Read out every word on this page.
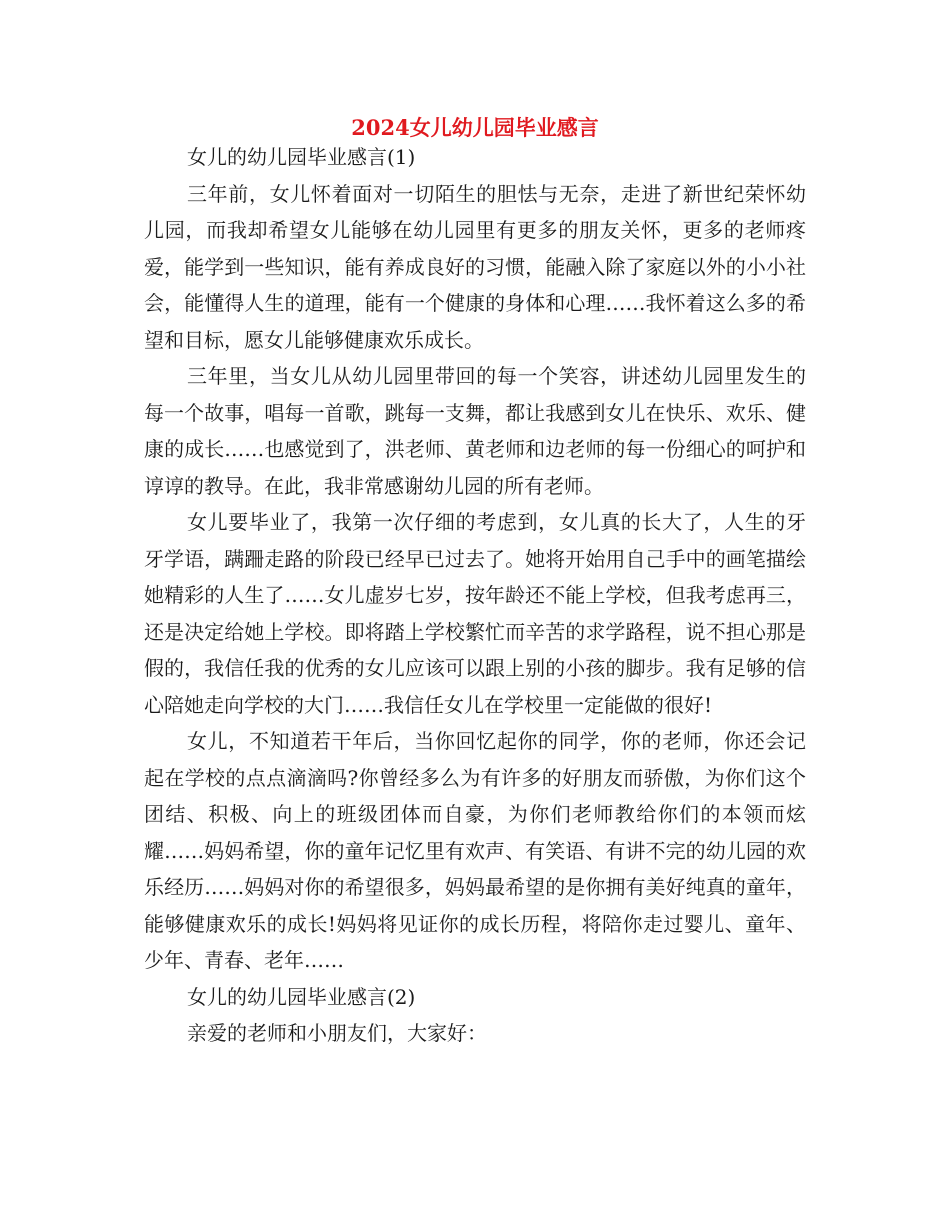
2024女儿幼儿园毕业感言

女儿的幼儿园毕业感言(1)

三年前，女儿怀着面对一切陌生的胆怯与无奈，走进了新世纪荣怀幼儿园，而我却希望女儿能够在幼儿园里有更多的朋友关怀，更多的老师疼爱，能学到一些知识，能有养成良好的习惯，能融入除了家庭以外的小小社会，能懂得人生的道理，能有一个健康的身体和心理……我怀着这么多的希望和目标，愿女儿能够健康欢乐成长。

三年里，当女儿从幼儿园里带回的每一个笑容，讲述幼儿园里发生的每一个故事，唱每一首歌，跳每一支舞，都让我感到女儿在快乐、欢乐、健康的成长……也感觉到了，洪老师、黄老师和边老师的每一份细心的呵护和谆谆的教导。在此，我非常感谢幼儿园的所有老师。

女儿要毕业了，我第一次仔细的考虑到，女儿真的长大了，人生的牙牙学语，蹒跚走路的阶段已经早已过去了。她将开始用自己手中的画笔描绘她精彩的人生了……女儿虚岁七岁，按年龄还不能上学校，但我考虑再三，还是决定给她上学校。即将踏上学校繁忙而辛苦的求学路程，说不担心那是假的，我信任我的优秀的女儿应该可以跟上别的小孩的脚步。我有足够的信心陪她走向学校的大门……我信任女儿在学校里一定能做的很好!

女儿，不知道若干年后，当你回忆起你的同学，你的老师，你还会记起在学校的点点滴滴吗?你曾经多么为有许多的好朋友而骄傲，为你们这个团结、积极、向上的班级团体而自豪，为你们老师教给你们的本领而炫耀……妈妈希望，你的童年记忆里有欢声、有笑语、有讲不完的幼儿园的欢乐经历……妈妈对你的希望很多，妈妈最希望的是你拥有美好纯真的童年，能够健康欢乐的成长!妈妈将见证你的成长历程，将陪你走过婴儿、童年、少年、青春、老年……

女儿的幼儿园毕业感言(2)

亲爱的老师和小朋友们，大家好：
